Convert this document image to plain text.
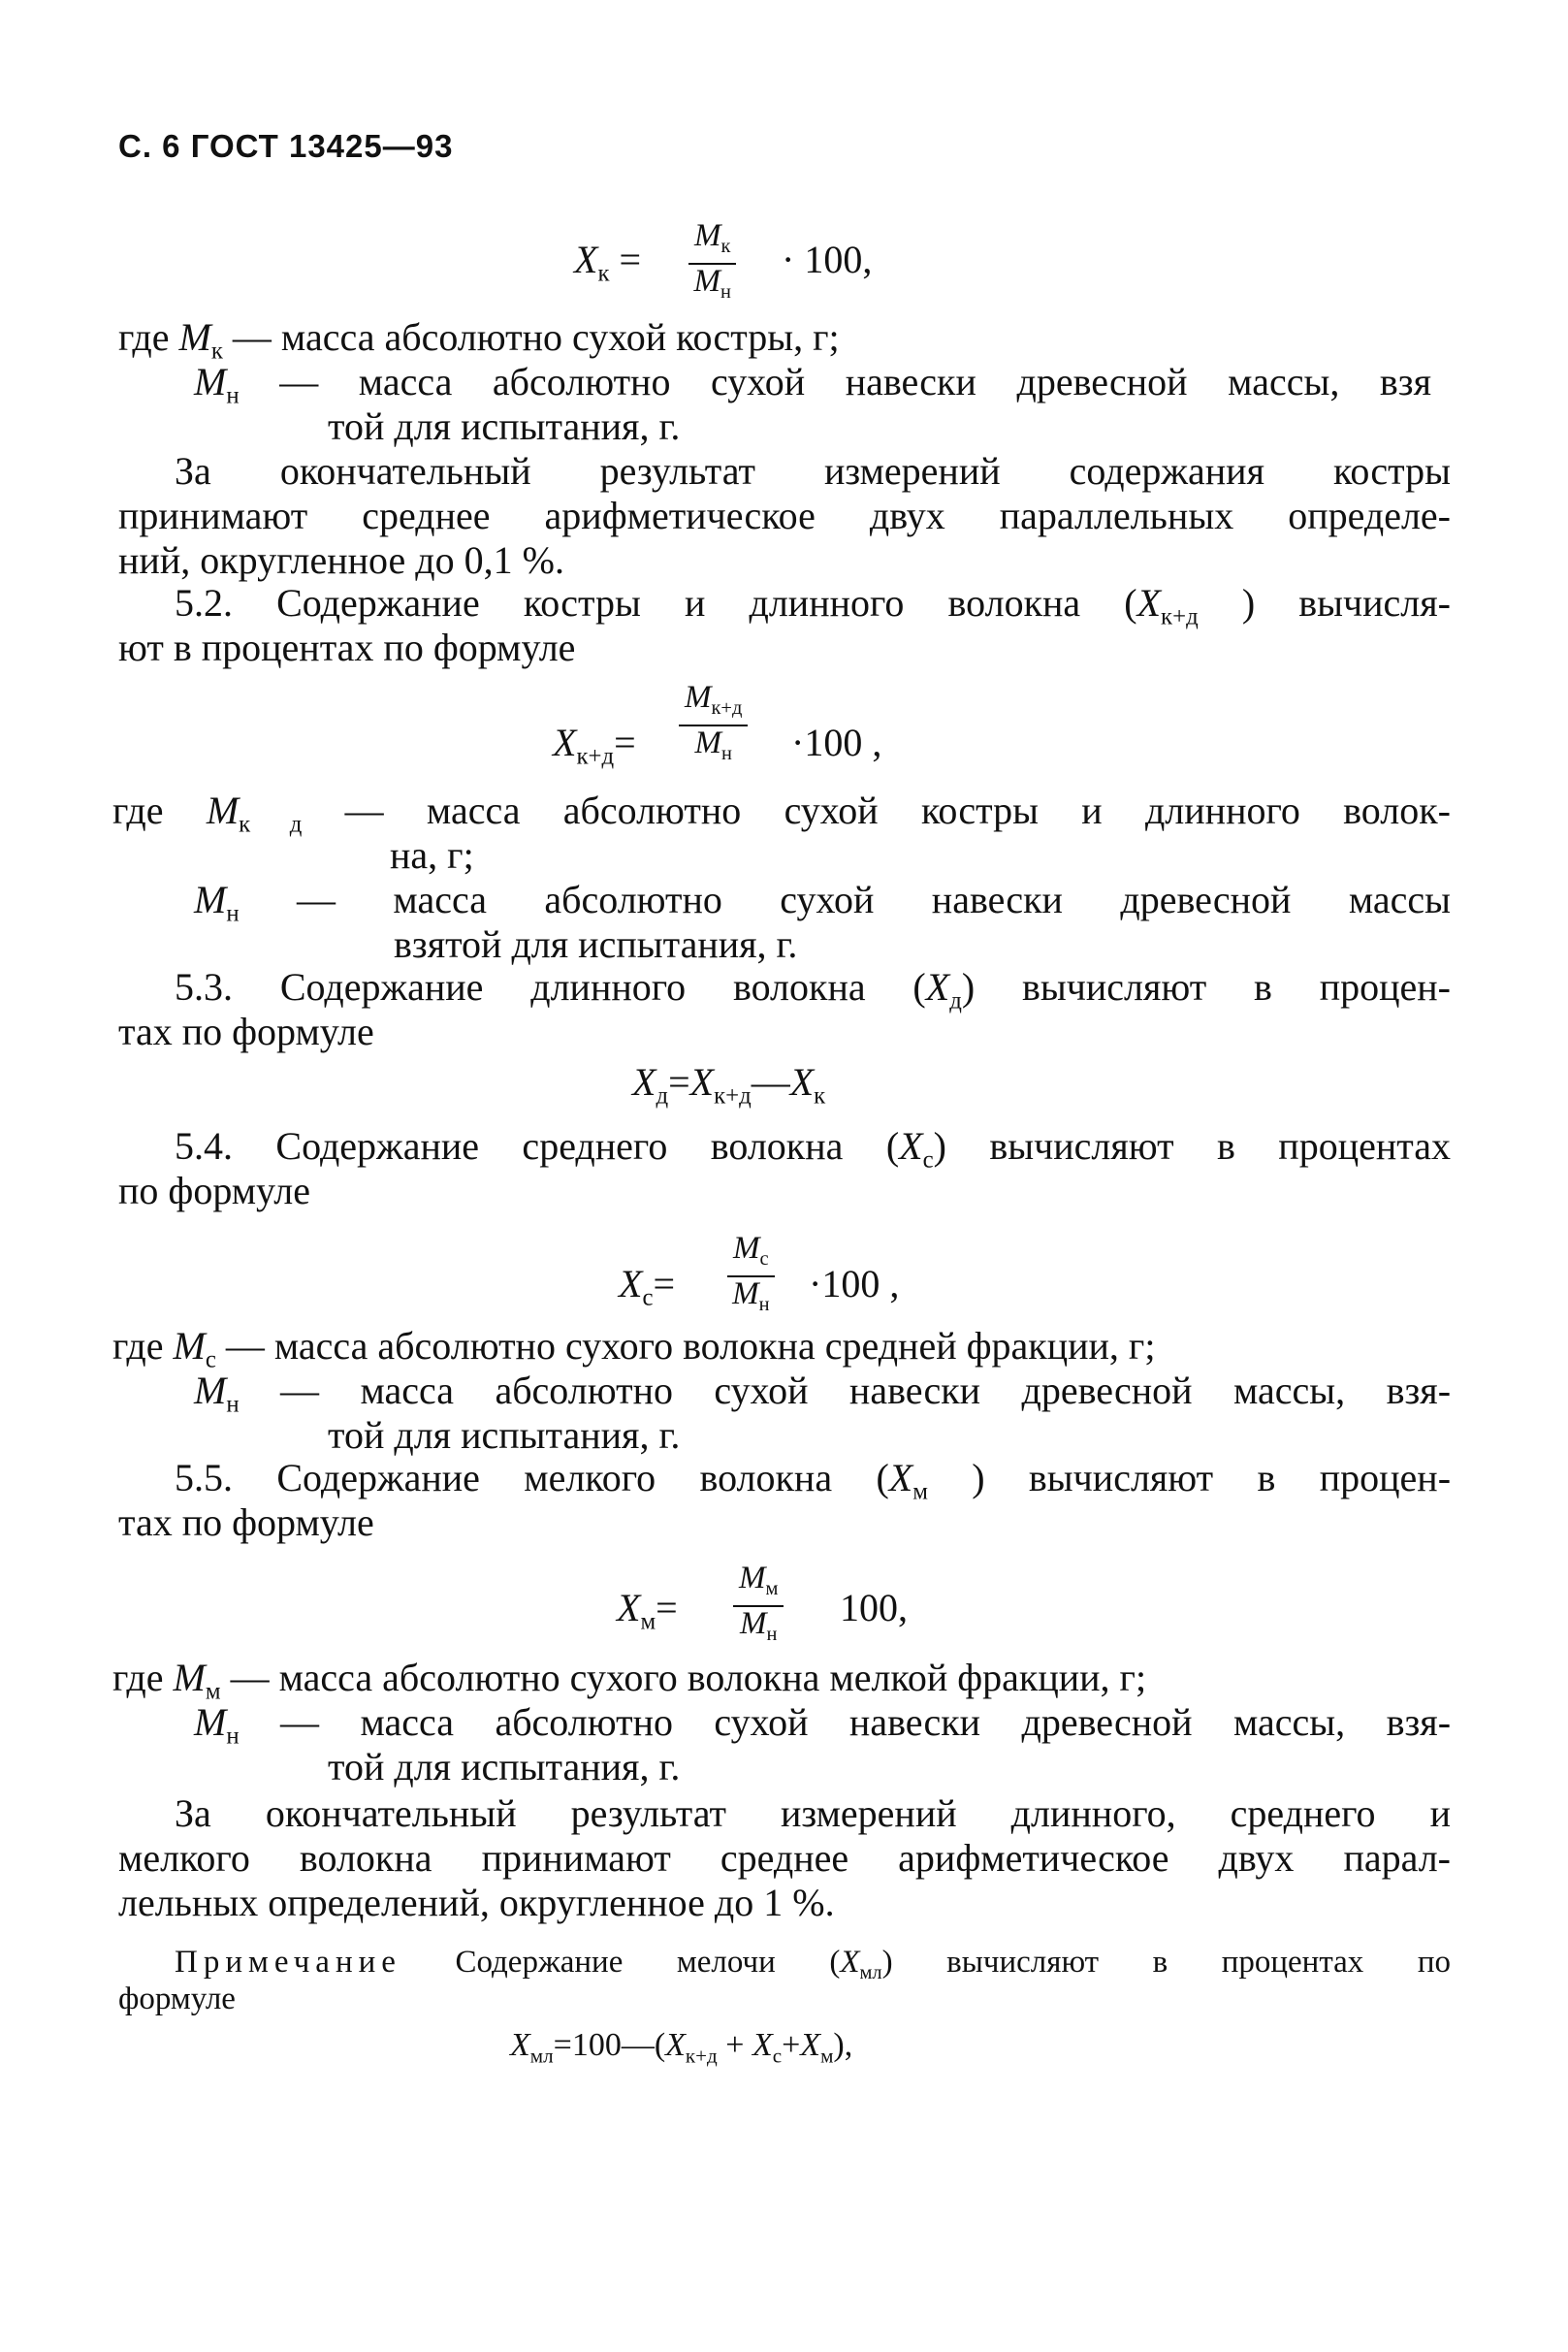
С. 6 ГОСТ 13425—93
$X_к$ =
$M_к$
$M_н$
· 100,
где $M_к$ — масса абсолютно сухой костры, г;
$M_н$ — масса абсолютно сухой навески древесной массы, взя
той для испытания, г.
За окончательный результат измерений содержания костры
принимают среднее арифметическое двух параллельных определе-
ний, округленное до 0,1 %.
5.2. Содержание костры и длинного волокна ($X_{к+д}$ ) вычисля-
ют в процентах по формуле
$X_{к+д}=$
$M_{к+д}$
$M_н$	·100 ,
где $M_{к д}$ — масса абсолютно сухой костры и длинного волок-
на, г;
$M_н$ — масса абсолютно сухой навески древесной массы
взятой для испытания, г.
5.3. Содержание длинного волокна $(X_д)$ вычисляют в процен-
тах по формуле
$X_д=X_{к+д}—X_к$
5.4. Содержание среднего волокна $(X_с)$ вычисляют в процентах
по формуле
$X_с=$
$M_с$
$M_н \cdot 100$ ,
где $M_с$ — масса абсолютно сухого волокна средней фракции, г;
$M_н$ — масса абсолютно сухой навески древесной массы, взя-
той для испытания, г.
5.5. Содержание мелкого волокна ($X_м$ ) вычисляют в процен-
тах по формуле
$X_м=$
$M_м$
$M_н$
100,
где $M_м$ — масса абсолютно сухого волокна мелкой фракции, г;
$M_н$ — масса абсолютно сухой навески древесной массы, взя-
той для испытания, г.
За окончательный результат измерений длинного, среднего и
мелкого волокна принимают среднее арифметическое двух парал-
лельных определений, округленное до 1 %.
Примечание Содержание мелочи $(X_{мл})$ вычисляют в процентах по
формуле
$X_{мл}=100—(X_{к+д} + X_с+X_м)$,
